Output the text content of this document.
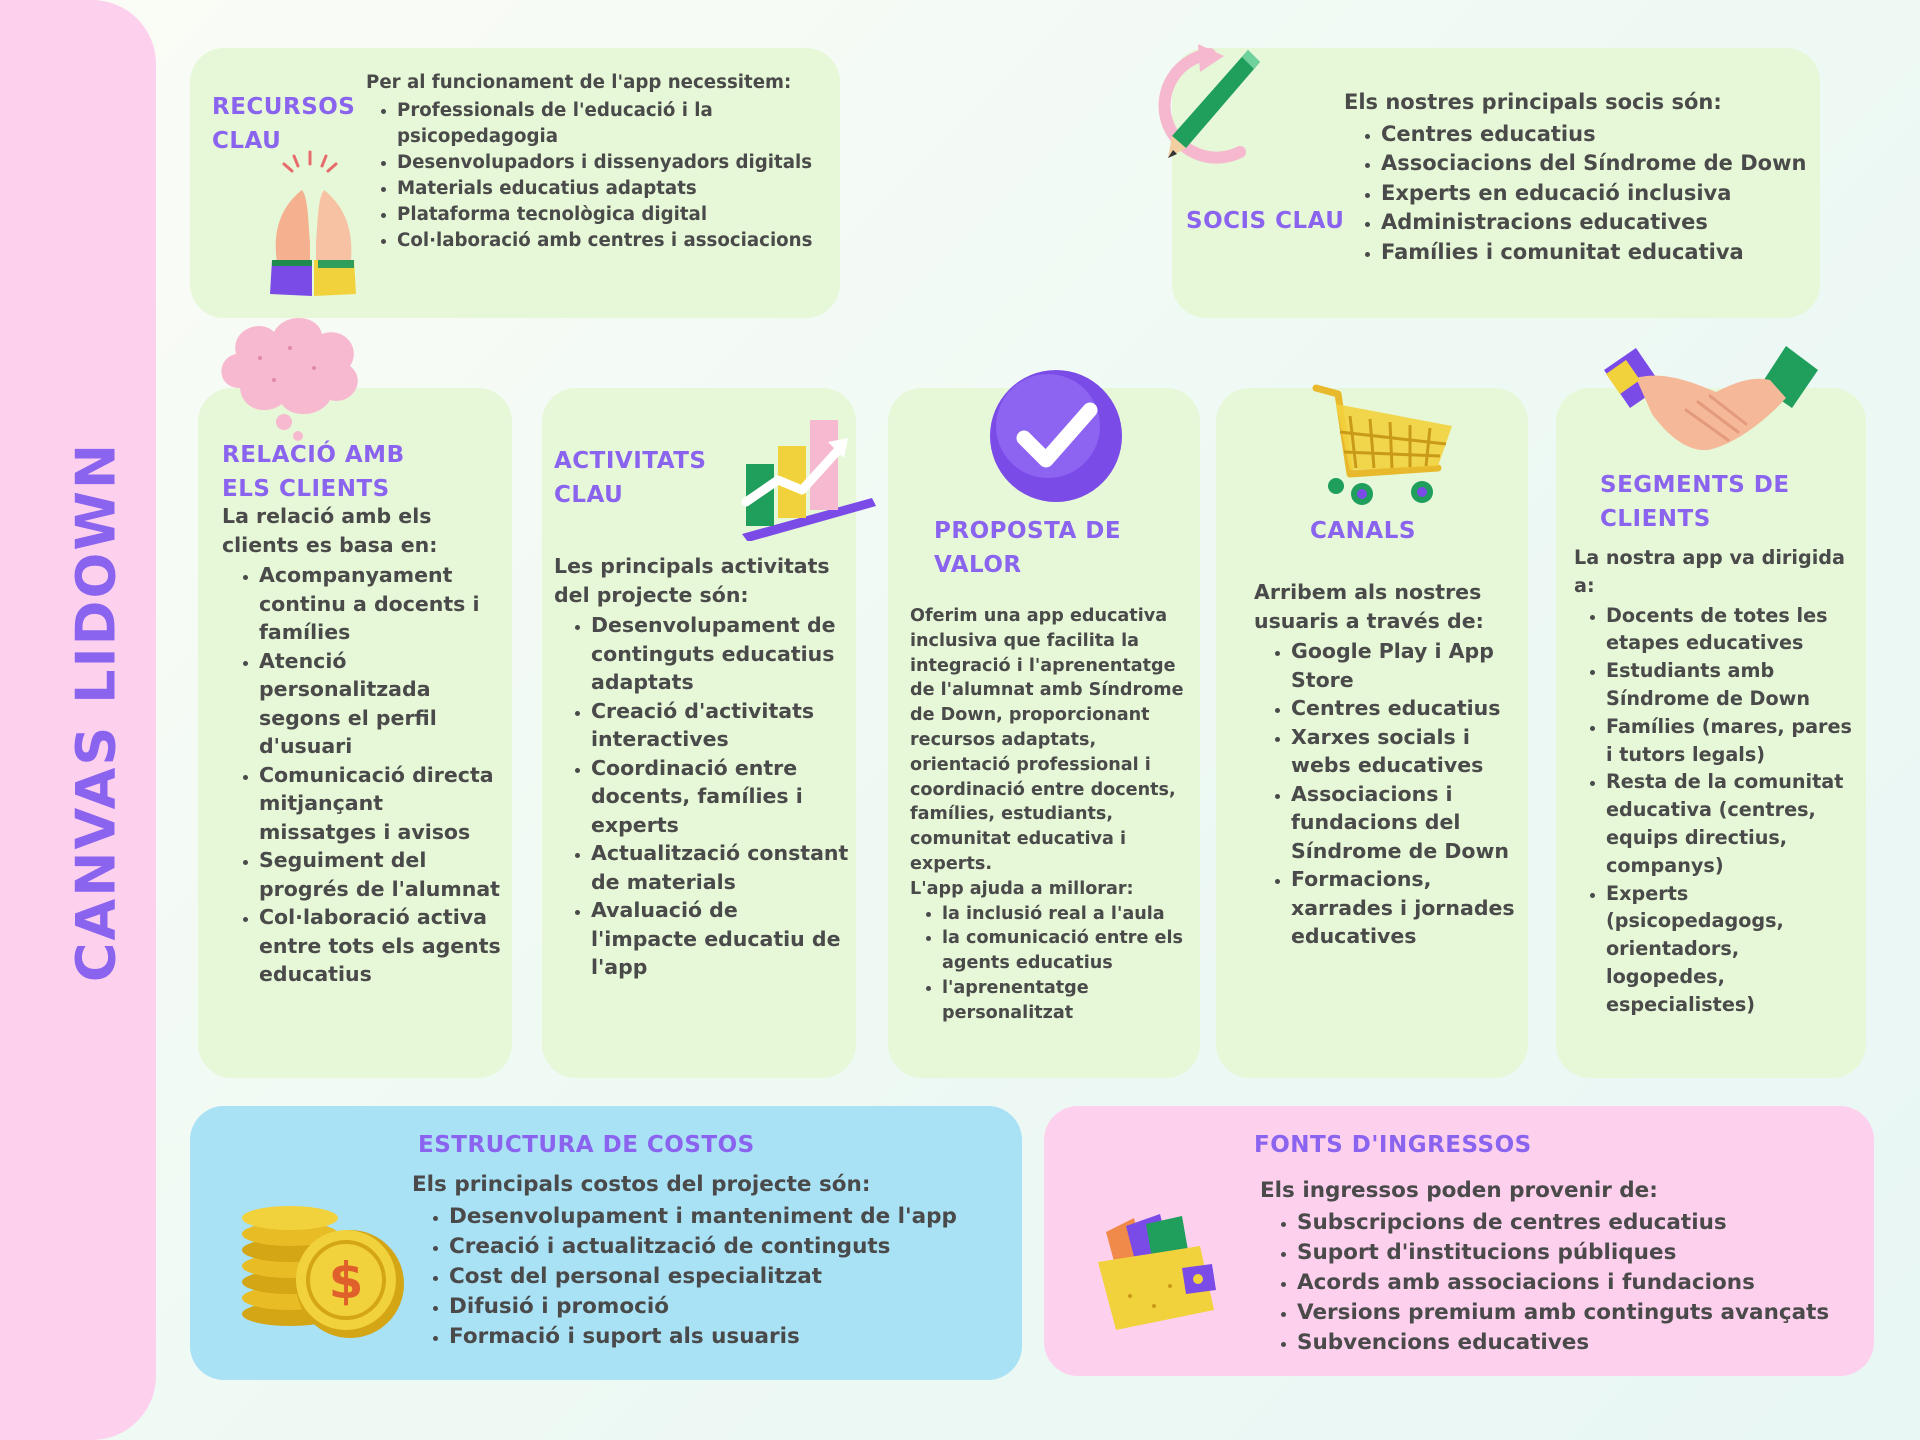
CANVAS LIDOWN
RECURSOS
CLAU

Per al funcionament de l'app necessitem:

• Professionals de l'educació i la psicopedagogia
• Desenvolupadors i dissenyadors digitals
• Materials educatius adaptats
• Plataforma tecnològica digital
• Col·laboració amb centres i associacions
SOCIS CLAU

Els nostres principals socis són:

• Centres educatius
• Associacions del Síndrome de Down
• Experts en educació inclusiva
• Administracions educatives
• Famílies i comunitat educativa
RELACIÓ AMB
ELS CLIENTS

La relació amb els clients es basa en:

• Acompanyament continu a docents i famílies
• Atenció personalitzada segons el perfil d'usuari
• Comunicació directa mitjançant missatges i avisos
• Seguiment del progrés de l'alumnat
• Col·laboració activa entre tots els agents educatius
ACTIVITATS
CLAU

Les principals activitats del projecte són:

• Desenvolupament de continguts educatius adaptats
• Creació d'activitats interactives
• Coordinació entre docents, famílies i experts
• Actualització constant de materials
• Avaluació de l'impacte educatiu de l'app
PROPOSTA DE
VALOR

Oferim una app educativa inclusiva que facilita la integració i l'aprenentatge de l'alumnat amb Síndrome de Down, proporcionant recursos adaptats, orientació professional i coordinació entre docents, famílies, estudiants, comunitat educativa i experts.

L'app ajuda a millorar:

• la inclusió real a l'aula
• la comunicació entre els agents educatius
• l'aprenentatge personalitzat
CANALS

Arribem als nostres usuaris a través de:

• Google Play i App Store
• Centres educatius
• Xarxes socials i webs educatives
• Associacions i fundacions del Síndrome de Down
• Formacions, xarrades i jornades educatives
SEGMENTS DE
CLIENTS

La nostra app va dirigida a:

• Docents de totes les etapes educatives
• Estudiants amb Síndrome de Down
• Famílies (mares, pares i tutors legals)
• Resta de la comunitat educativa (centres, equips directius, companys)
• Experts (psicopedagogs, orientadors, logopedes, especialistes)
ESTRUCTURA DE COSTOS

Els principals costos del projecte són:

• Desenvolupament i manteniment de l'app
• Creació i actualització de continguts
• Cost del personal especialitzat
• Difusió i promoció
• Formació i suport als usuaris
$
FONTS D'INGRESSOS

Els ingressos poden provenir de:

• Subscripcions de centres educatius
• Suport d'institucions públiques
• Acords amb associacions i fundacions
• Versions premium amb continguts avançats
• Subvencions educatives
